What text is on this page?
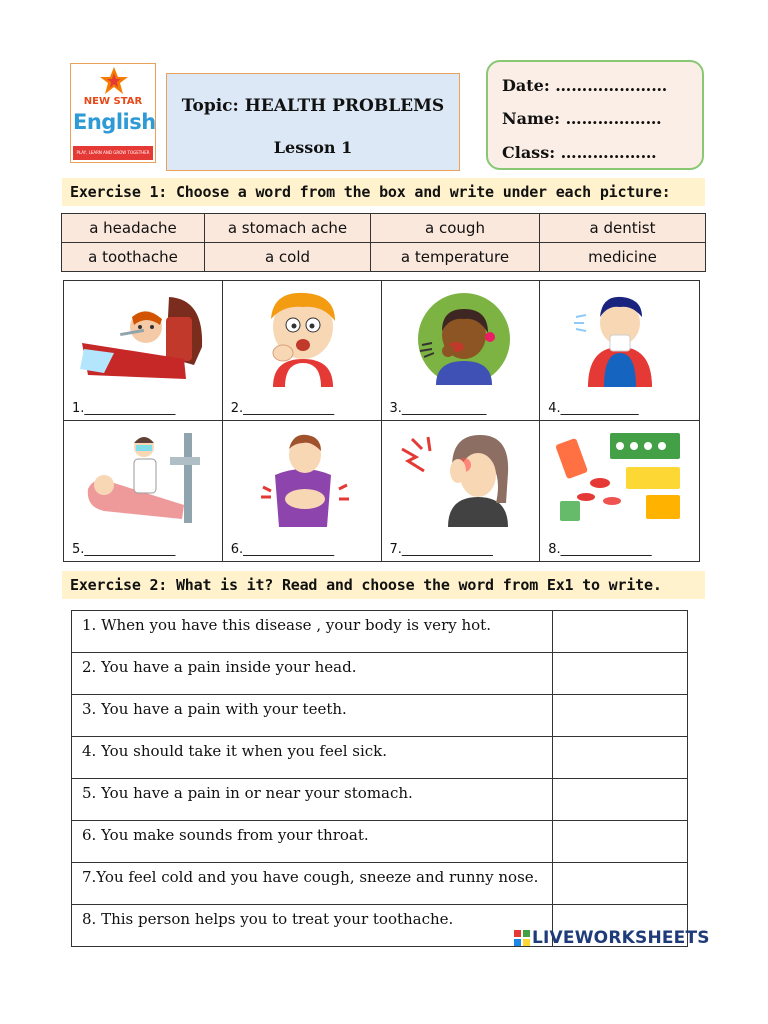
NEW STAR
English
PLAY, LEARN AND GROW TOGETHER
Topic: HEALTH PROBLEMS
Lesson 1
Date: …………………
Name: ………………
Class: ………………
Exercise 1: Choose a word from the box and write under each picture:
a headache	a stomach ache	a cough	a dentist
a toothache	a cold	a temperature	medicine
1.______________	2.______________	3._____________	4.____________
5.______________	6.______________	7.______________	8.______________
Exercise 2: What is it? Read and choose the word from Ex1 to write.
1. When you have this disease , your body is very hot.	
2. You have a pain inside your head.	
3. You have a pain with your teeth.	
4. You should take it when you feel sick.	
5. You have a pain in or near your stomach.	
6. You make sounds from your throat.	
7.You feel cold and you have cough, sneeze and runny nose.	
8. This person helps you to treat your toothache.	
LIVEWORKSHEETS
